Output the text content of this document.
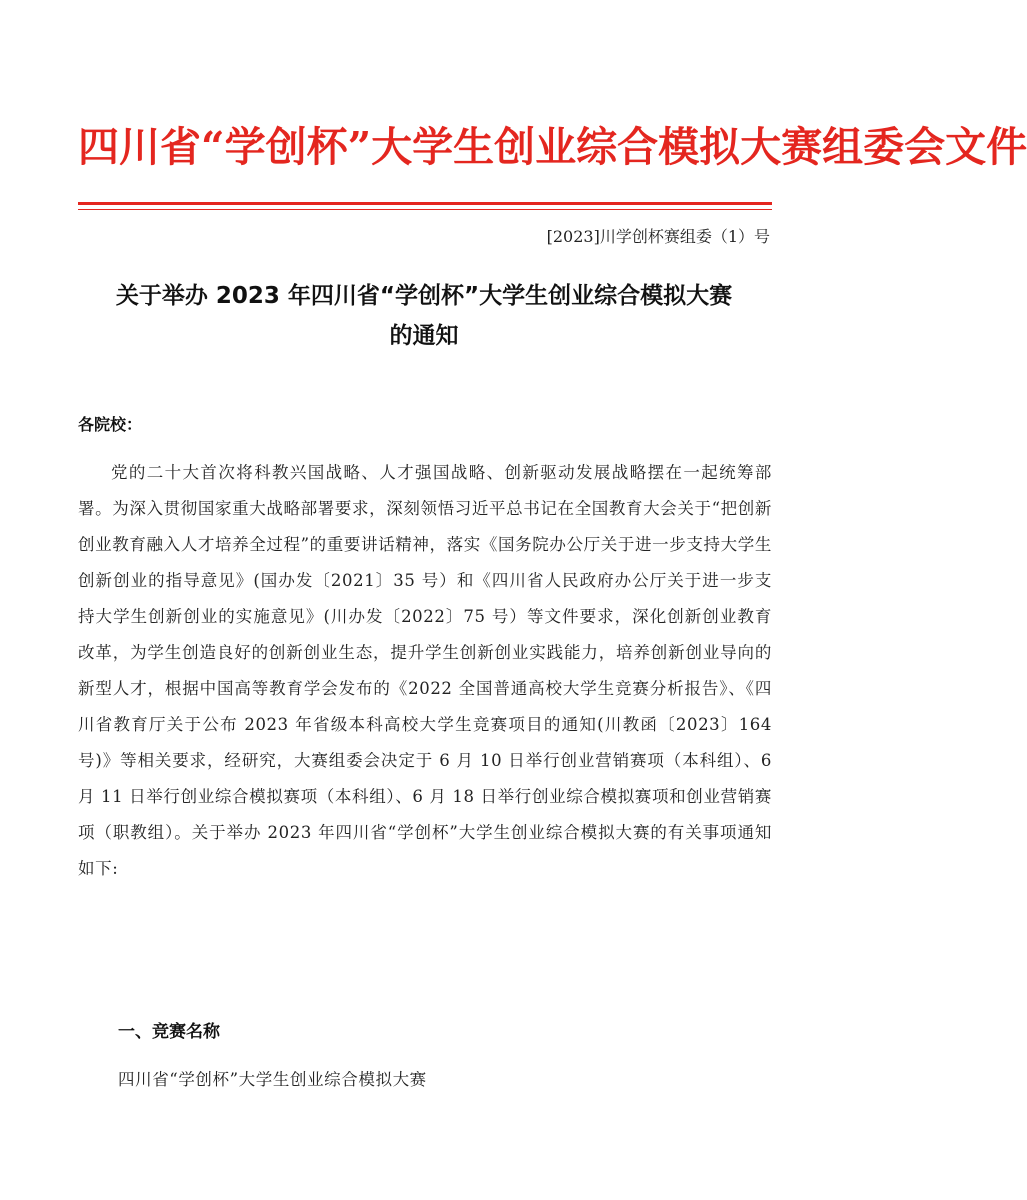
四川省“学创杯”大学生创业综合模拟大赛组委会文件
[2023]川学创杯赛组委（1）号
关于举办 2023 年四川省“学创杯”大学生创业综合模拟大赛
的通知
各院校：
党的二十大首次将科教兴国战略、人才强国战略、创新驱动发展战略摆在一起统筹部署。为深入贯彻国家重大战略部署要求，深刻领悟习近平总书记在全国教育大会关于“把创新创业教育融入人才培养全过程”的重要讲话精神，落实《国务院办公厅关于进一步支持大学生创新创业的指导意见》(国办发〔2021〕35 号）和《四川省人民政府办公厅关于进一步支持大学生创新创业的实施意见》(川办发〔2022〕75 号）等文件要求，深化创新创业教育改革，为学生创造良好的创新创业生态，提升学生创新创业实践能力，培养创新创业导向的新型人才，根据中国高等教育学会发布的《2022 全国普通高校大学生竞赛分析报告》、《四川省教育厅关于公布 2023 年省级本科高校大学生竞赛项目的通知(川教函〔2023〕164 号)》等相关要求，经研究，大赛组委会决定于 6 月 10 日举行创业营销赛项（本科组）、6 月 11 日举行创业综合模拟赛项（本科组）、6 月 18 日举行创业综合模拟赛项和创业营销赛项（职教组）。关于举办 2023 年四川省“学创杯”大学生创业综合模拟大赛的有关事项通知如下:
一、竞赛名称
四川省“学创杯”大学生创业综合模拟大赛
